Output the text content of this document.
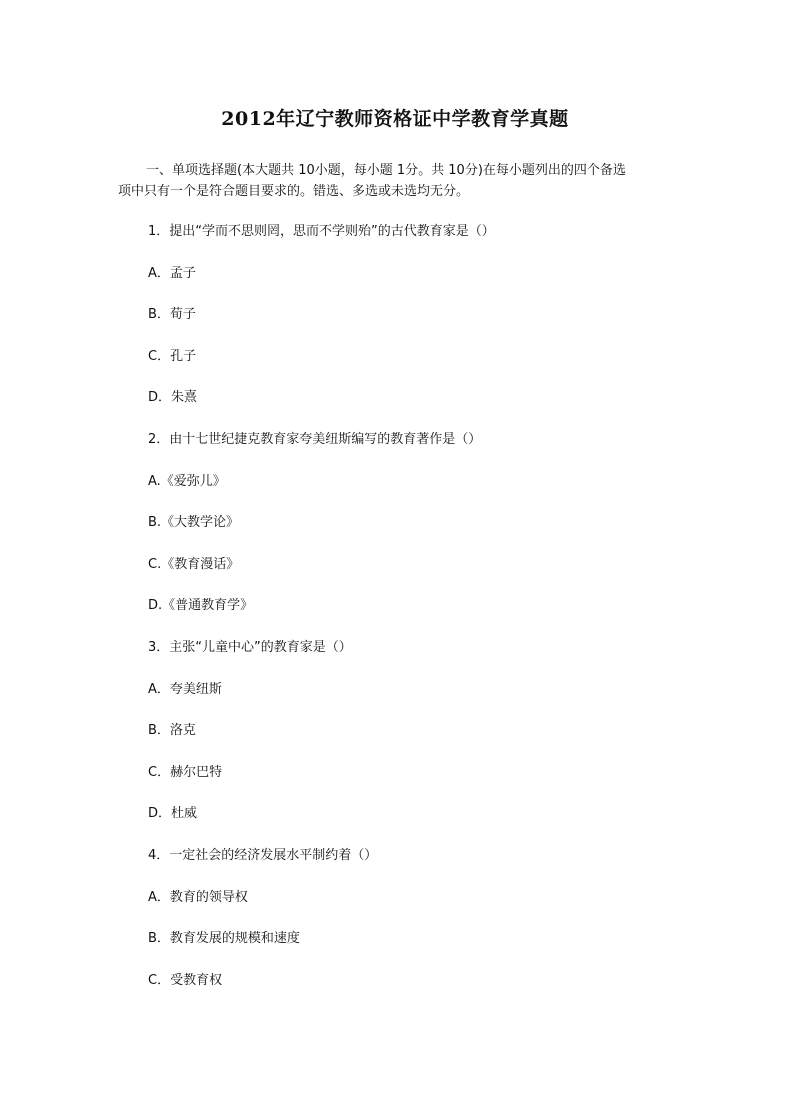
2012年辽宁教师资格证中学教育学真题
一、单项选择题(本大题共 10小题，每小题 1分。共 10分)在每小题列出的四个备选
项中只有一个是符合题目要求的。错选、多选或未选均无分。
1．提出“学而不思则罔，思而不学则殆”的古代教育家是（）
A．孟子
B．荀子
C．孔子
D．朱熹
2．由十七世纪捷克教育家夸美纽斯编写的教育著作是（）
A.《爱弥儿》
B.《大教学论》
C.《教育漫话》
D.《普通教育学》
3．主张“儿童中心”的教育家是（）
A．夸美纽斯
B．洛克
C．赫尔巴特
D．杜威
4．一定社会的经济发展水平制约着（）
A．教育的领导权
B．教育发展的规模和速度
C．受教育权
